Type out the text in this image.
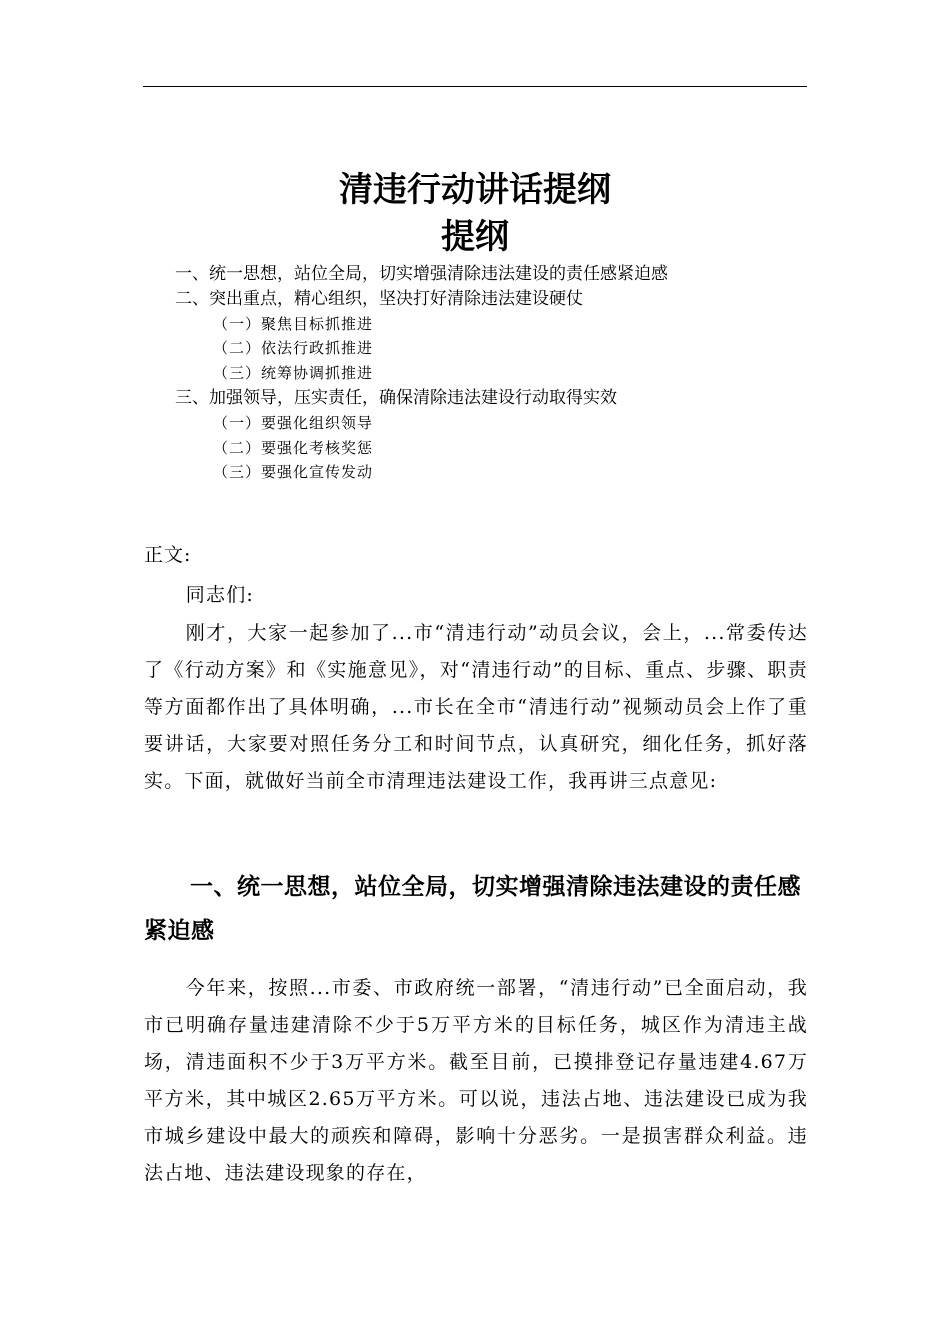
清违行动讲话提纲
提纲
一、统一思想，站位全局，切实增强清除违法建设的责任感紧迫感
二、突出重点，精心组织，坚决打好清除违法建设硬仗
（一）聚焦目标抓推进
（二）依法行政抓推进
（三）统筹协调抓推进
三、加强领导，压实责任，确保清除违法建设行动取得实效
（一）要强化组织领导
（二）要强化考核奖惩
（三）要强化宣传发动
正文:

同志们:

刚才，大家一起参加了...市“清违行动”动员会议，会上，...常委传达了《行动方案》和《实施意见》，对“清违行动”的目标、重点、步骤、职责等方面都作出了具体明确，...市长在全市“清违行动”视频动员会上作了重要讲话，大家要对照任务分工和时间节点，认真研究，细化任务，抓好落实。下面，就做好当前全市清理违法建设工作，我再讲三点意见:

一、统一思想，站位全局，切实增强清除违法建设的责任感紧迫感

今年来，按照...市委、市政府统一部署，“清违行动”已全面启动，我市已明确存量违建清除不少于5万平方米的目标任务，城区作为清违主战场，清违面积不少于3万平方米。截至目前，已摸排登记存量违建4.67万平方米，其中城区2.65万平方米。可以说，违法占地、违法建设已成为我市城乡建设中最大的顽疾和障碍，影响十分恶劣。一是损害群众利益。违法占地、违法建设现象的存在，
